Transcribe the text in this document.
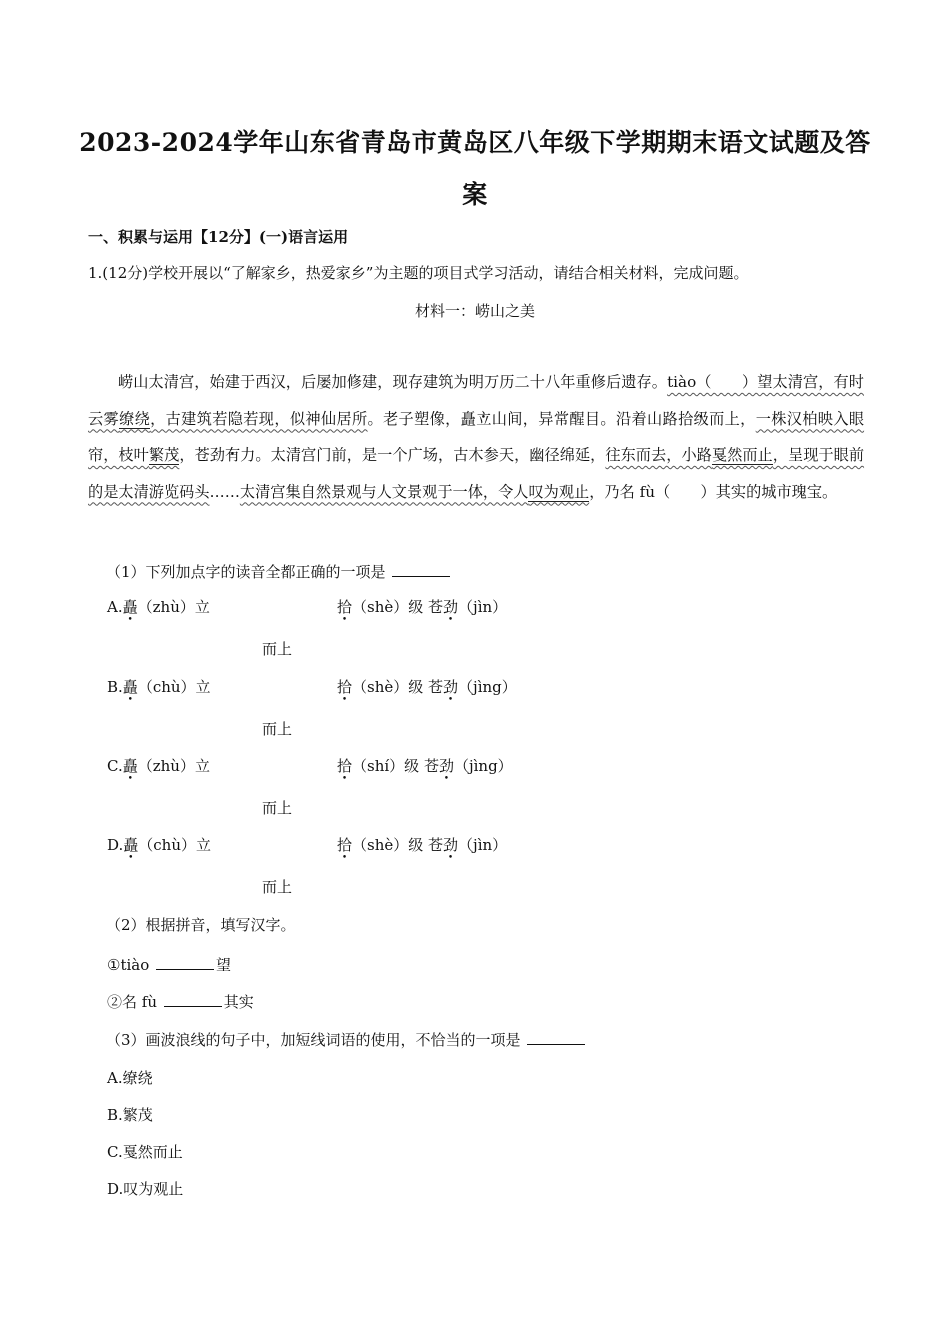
2023-2024学年山东省青岛市黄岛区八年级下学期期末语文试题及答
案
一、积累与运用【12分】(一)语言运用
1.(12分)学校开展以“了解家乡，热爱家乡”为主题的项目式学习活动，请结合相关材料，完成问题。
材料一：崂山之美
崂山太清宫，始建于西汉，后屡加修建，现存建筑为明万历二十八年重修后遗存。tiào（　　）望太清宫，有时云雾缭绕，古建筑若隐若现，似神仙居所。老子塑像，矗 •立山间，异常醒目。沿着山路拾 •级而上，一株汉柏映入眼帘，枝叶繁茂，苍劲 •有力。太清宫门前，是一个广场，古木参天，幽径绵延，往东而去，小路戛然而止，呈现于眼前的是太清游览码头……太清宫集自然景观与人文景观于一体，令人叹为观止，乃名 fù（　　）其实的城市瑰宝。
（1）下列加点字的读音全都正确的一项是
A.矗（zhù）立	拾（shè）级 苍劲（jìn）
而上
B.矗（chù）立	拾（shè）级 苍劲（jìng）
而上
C.矗（zhù）立	拾（shí）级 苍劲（jìng）
而上
D.矗（chù）立	拾（shè）级 苍劲（jìn）
而上
（2）根据拼音，填写汉字。
①tiào	望
②名 fù	其实
（3）画波浪线的句子中，加短线词语的使用，不恰当的一项是
A.缭绕
B.繁茂
C.戛然而止
D.叹为观止
